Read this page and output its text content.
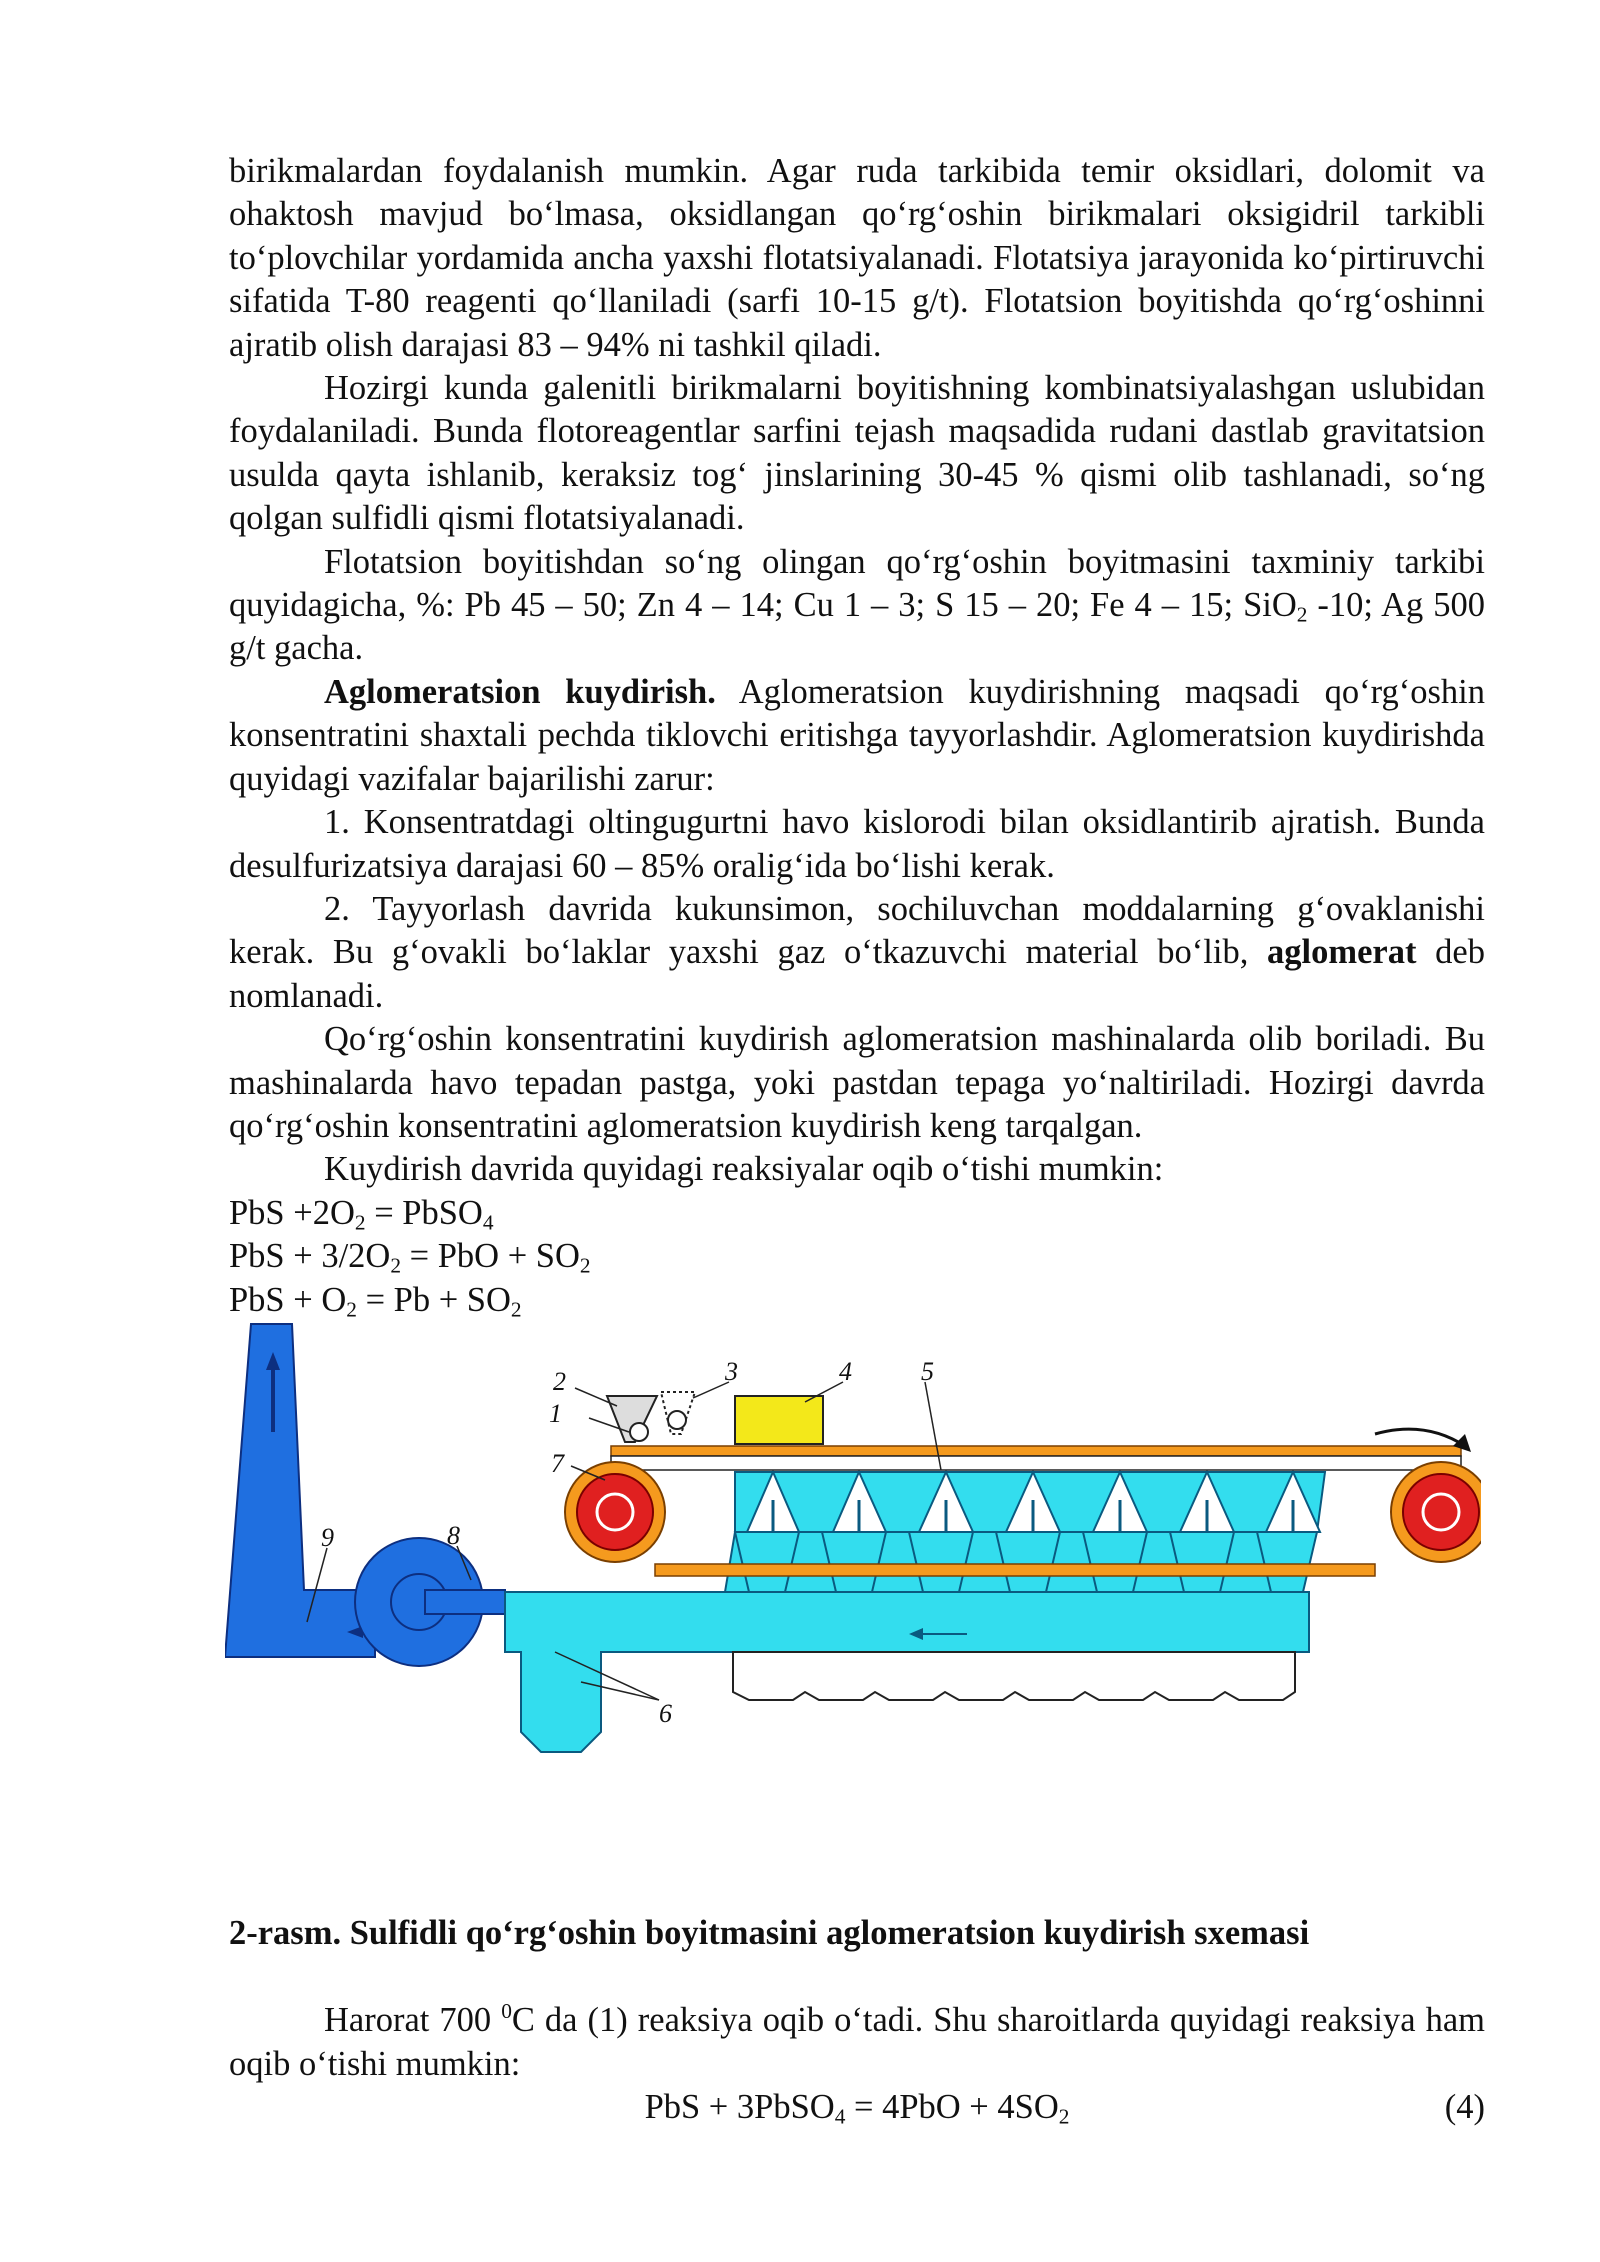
birikmalardan foydalanish mumkin. Agar ruda tarkibida temir oksidlari, dolomit va ohaktosh mavjud bo‘lmasa, oksidlangan qo‘rg‘oshin birikmalari oksigidril tarkibli to‘plovchilar yordamida ancha yaxshi flotatsiyalanadi. Flotatsiya jarayonida ko‘pirtiruvchi sifatida T-80 reagenti qo‘llaniladi (sarfi 10-15 g/t). Flotatsion boyitishda qo‘rg‘oshinni ajratib olish darajasi 83 – 94% ni tashkil qiladi.

Hozirgi kunda galenitli birikmalarni boyitishning kombinatsiyalashgan uslubidan foydalaniladi. Bunda flotoreagentlar sarfini tejash maqsadida rudani dastlab gravitatsion usulda qayta ishlanib, keraksiz tog‘ jinslarining 30-45 % qismi olib tashlanadi, so‘ng qolgan sulfidli qismi flotatsiyalanadi.

Flotatsion boyitishdan so‘ng olingan qo‘rg‘oshin boyitmasini taxminiy tarkibi quyidagicha, %: Pb 45 – 50; Zn 4 – 14; Cu 1 – 3; S 15 – 20; Fe 4 – 15; SiO$_2$ -10; Ag 500 g/t gacha.

Aglomeratsion kuydirish. Aglomeratsion kuydirishning maqsadi qo‘rg‘oshin konsentratini shaxtali pechda tiklovchi eritishga tayyorlashdir. Aglomeratsion kuydirishda quyidagi vazifalar bajarilishi zarur:

1. Konsentratdagi oltingugurtni havo kislorodi bilan oksidlantirib ajratish. Bunda desulfurizatsiya darajasi 60 – 85% oralig‘ida bo‘lishi kerak.

2. Tayyorlash davrida kukunsimon, sochiluvchan moddalarning g‘ovaklanishi kerak. Bu g‘ovakli bo‘laklar yaxshi gaz o‘tkazuvchi material bo‘lib, aglomerat deb nomlanadi.

Qo‘rg‘oshin konsentratini kuydirish aglomeratsion mashinalarda olib boriladi. Bu mashinalarda havo tepadan pastga, yoki pastdan tepaga yo‘naltiriladi. Hozirgi davrda qo‘rg‘oshin konsentratini aglomeratsion kuydirish keng tarqalgan.

Kuydirish davrida quyidagi reaksiyalar oqib o‘tishi mumkin:

PbS $+2O_2$ = PbSO$_4$

PbS + $3/2O_2$ = PbO + $SO_2$

PbS + $O_2 = Pb + SO_2$

1
2	3	4	5
6
7
8
9

2-rasm. Sulfidli qo‘rg‘oshin boyitmasini aglomeratsion kuydirish sxemasi

Harorat 700 $^0$C da (1) reaksiya oqib o‘tadi. Shu sharoitlarda quyidagi reaksiya ham oqib o‘tishi mumkin:

PbS + 3PbSO$_4$ = $4PbO + 4SO_2$	(4)
